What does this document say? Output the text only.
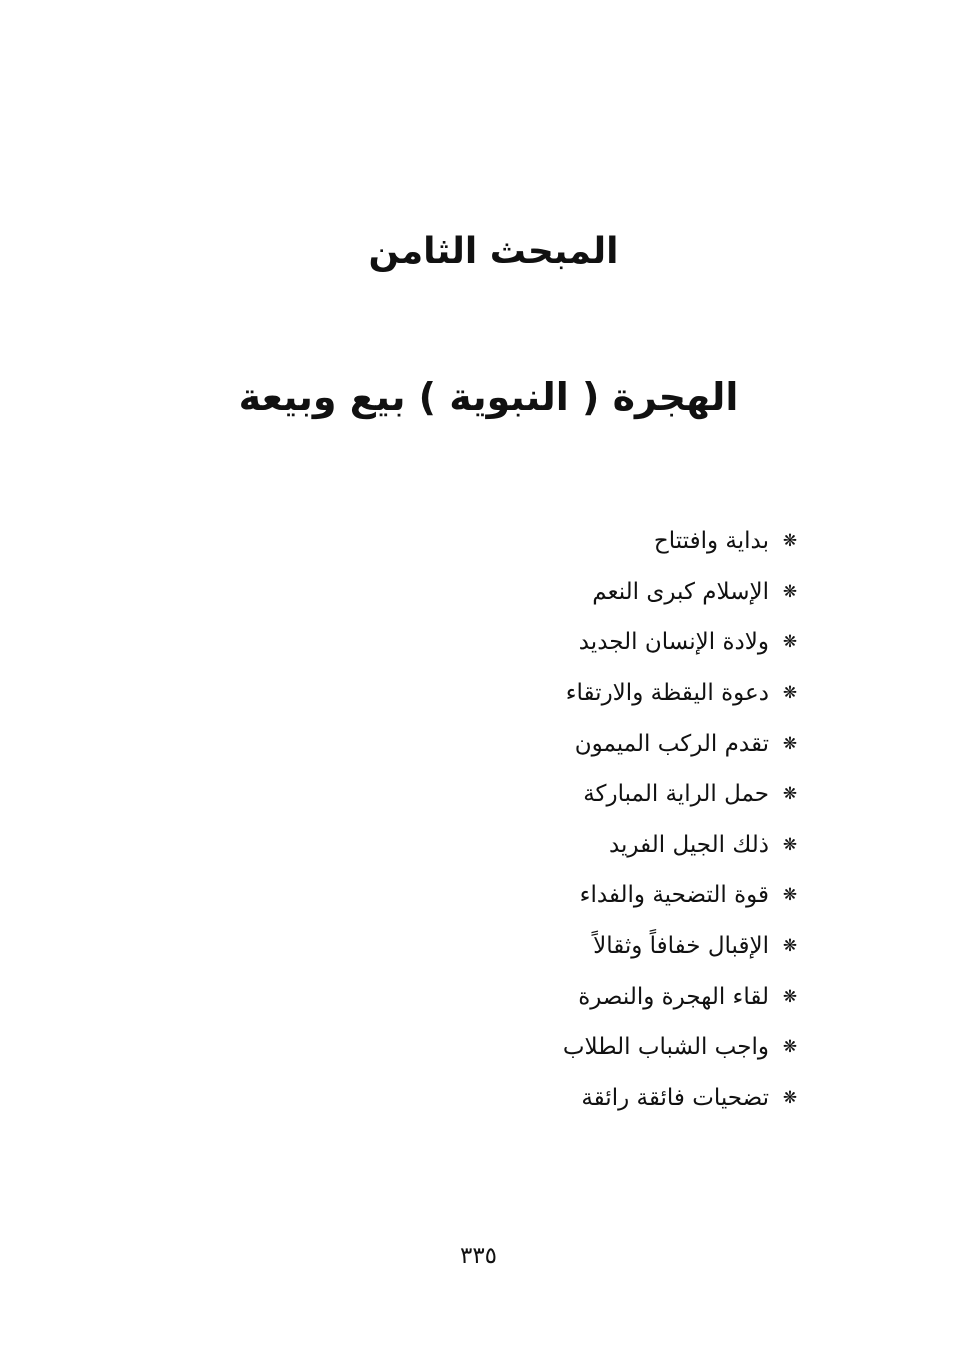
المبحث الثامن
الهجرة ( النبوية ) بيع وبيعة
❋
بداية وافتتاح
❋
الإسلام كبرى النعم
❋
ولادة الإنسان الجديد
❋
دعوة اليقظة والارتقاء
❋
تقدم الركب الميمون
❋
حمل الراية المباركة
❋
ذلك الجيل الفريد
❋
قوة التضحية والفداء
❋
الإقبال خفافاً وثقالاً
❋
لقاء الهجرة والنصرة
❋
واجب الشباب الطلاب
❋
تضحيات فائقة رائقة
٣٣٥
